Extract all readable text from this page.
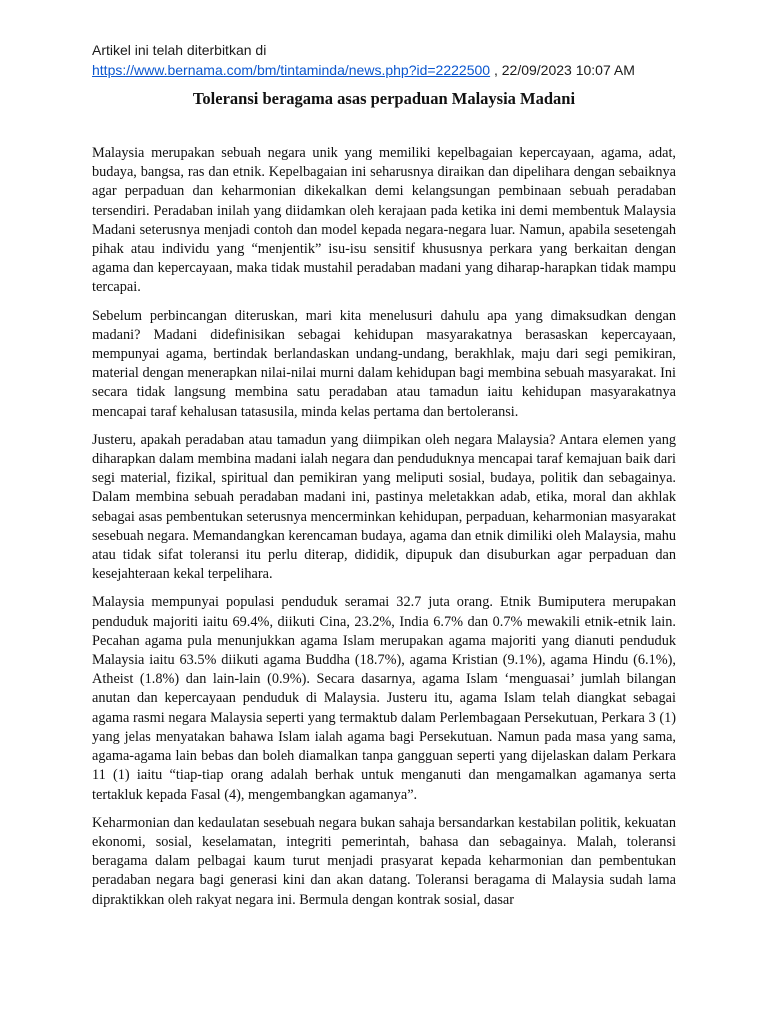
Artikel ini telah diterbitkan di
https://www.bernama.com/bm/tintaminda/news.php?id=2222500 , 22/09/2023 10:07 AM
Toleransi beragama asas perpaduan Malaysia Madani

Malaysia merupakan sebuah negara unik yang memiliki kepelbagaian kepercayaan, agama, adat, budaya, bangsa, ras dan etnik. Kepelbagaian ini seharusnya diraikan dan dipelihara dengan sebaiknya agar perpaduan dan keharmonian dikekalkan demi kelangsungan pembinaan sebuah peradaban tersendiri. Peradaban inilah yang diidamkan oleh kerajaan pada ketika ini demi membentuk Malaysia Madani seterusnya menjadi contoh dan model kepada negara-negara luar. Namun, apabila sesetengah pihak atau individu yang “menjentik” isu-isu sensitif khususnya perkara yang berkaitan dengan agama dan kepercayaan, maka tidak mustahil peradaban madani yang diharap-harapkan tidak mampu tercapai.

Sebelum perbincangan diteruskan, mari kita menelusuri dahulu apa yang dimaksudkan dengan madani? Madani didefinisikan sebagai kehidupan masyarakatnya berasaskan kepercayaan, mempunyai agama, bertindak berlandaskan undang-undang, berakhlak, maju dari segi pemikiran, material dengan menerapkan nilai-nilai murni dalam kehidupan bagi membina sebuah masyarakat. Ini secara tidak langsung membina satu peradaban atau tamadun iaitu kehidupan masyarakatnya mencapai taraf kehalusan tatasusila, minda kelas pertama dan bertoleransi.

Justeru, apakah peradaban atau tamadun yang diimpikan oleh negara Malaysia? Antara elemen yang diharapkan dalam membina madani ialah negara dan penduduknya mencapai taraf kemajuan baik dari segi material, fizikal, spiritual dan pemikiran yang meliputi sosial, budaya, politik dan sebagainya. Dalam membina sebuah peradaban madani ini, pastinya meletakkan adab, etika, moral dan akhlak sebagai asas pembentukan seterusnya mencerminkan kehidupan, perpaduan, keharmonian masyarakat sesebuah negara. Memandangkan kerencaman budaya, agama dan etnik dimiliki oleh Malaysia, mahu atau tidak sifat toleransi itu perlu diterap, dididik, dipupuk dan disuburkan agar perpaduan dan kesejahteraan kekal terpelihara.

Malaysia mempunyai populasi penduduk seramai 32.7 juta orang. Etnik Bumiputera merupakan penduduk majoriti iaitu 69.4%, diikuti Cina, 23.2%, India 6.7% dan 0.7% mewakili etnik-etnik lain. Pecahan agama pula menunjukkan agama Islam merupakan agama majoriti yang dianuti penduduk Malaysia iaitu 63.5% diikuti agama Buddha (18.7%), agama Kristian (9.1%), agama Hindu (6.1%), Atheist (1.8%) dan lain-lain (0.9%). Secara dasarnya, agama Islam ‘menguasai’ jumlah bilangan anutan dan kepercayaan penduduk di Malaysia. Justeru itu, agama Islam telah diangkat sebagai agama rasmi negara Malaysia seperti yang termaktub dalam Perlembagaan Persekutuan, Perkara 3 (1) yang jelas menyatakan bahawa Islam ialah agama bagi Persekutuan. Namun pada masa yang sama, agama-agama lain bebas dan boleh diamalkan tanpa gangguan seperti yang dijelaskan dalam Perkara 11 (1) iaitu “tiap-tiap orang adalah berhak untuk menganuti dan mengamalkan agamanya serta tertakluk kepada Fasal (4), mengembangkan agamanya”.

Keharmonian dan kedaulatan sesebuah negara bukan sahaja bersandarkan kestabilan politik, kekuatan ekonomi, sosial, keselamatan, integriti pemerintah, bahasa dan sebagainya. Malah, toleransi beragama dalam pelbagai kaum turut menjadi prasyarat kepada keharmonian dan pembentukan peradaban negara bagi generasi kini dan akan datang. Toleransi beragama di Malaysia sudah lama dipraktikkan oleh rakyat negara ini. Bermula dengan kontrak sosial, dasar
